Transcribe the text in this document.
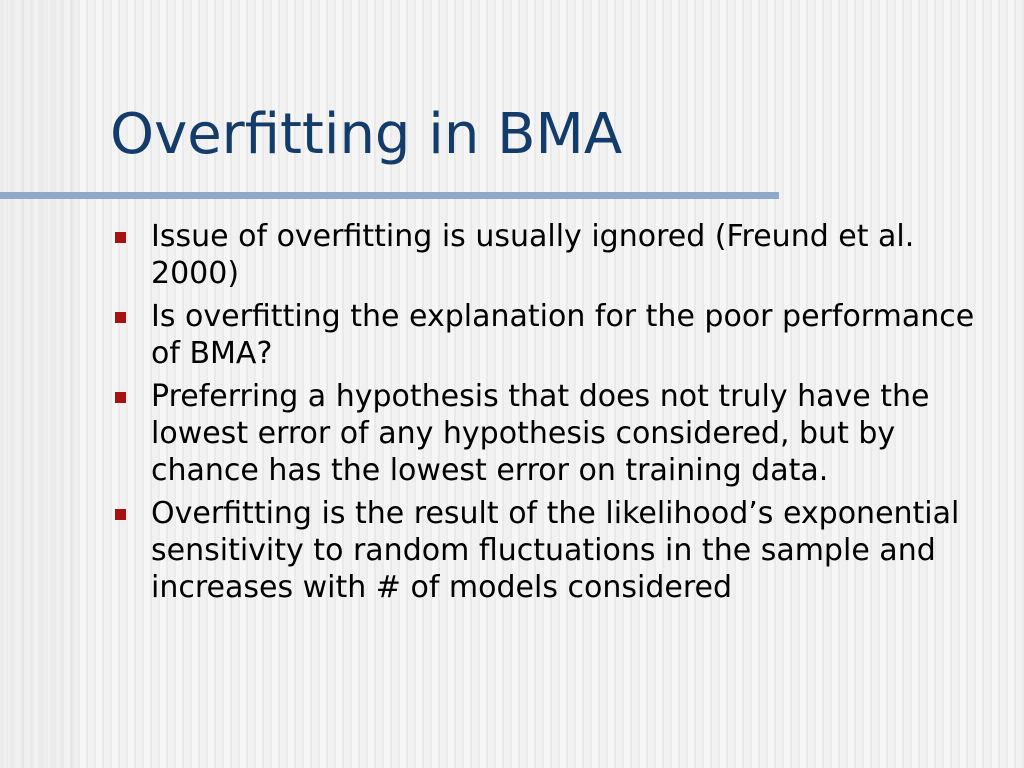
Overfitting in BMA
Issue of overfitting is usually ignored (Freund et al. 2000)
Is overfitting the explanation for the poor performance of BMA?
Preferring a hypothesis that does not truly have the lowest error of any hypothesis considered, but by chance has the lowest error on training data.
Overfitting is the result of the likelihood’s exponential sensitivity to random fluctuations in the sample and increases with # of models considered
